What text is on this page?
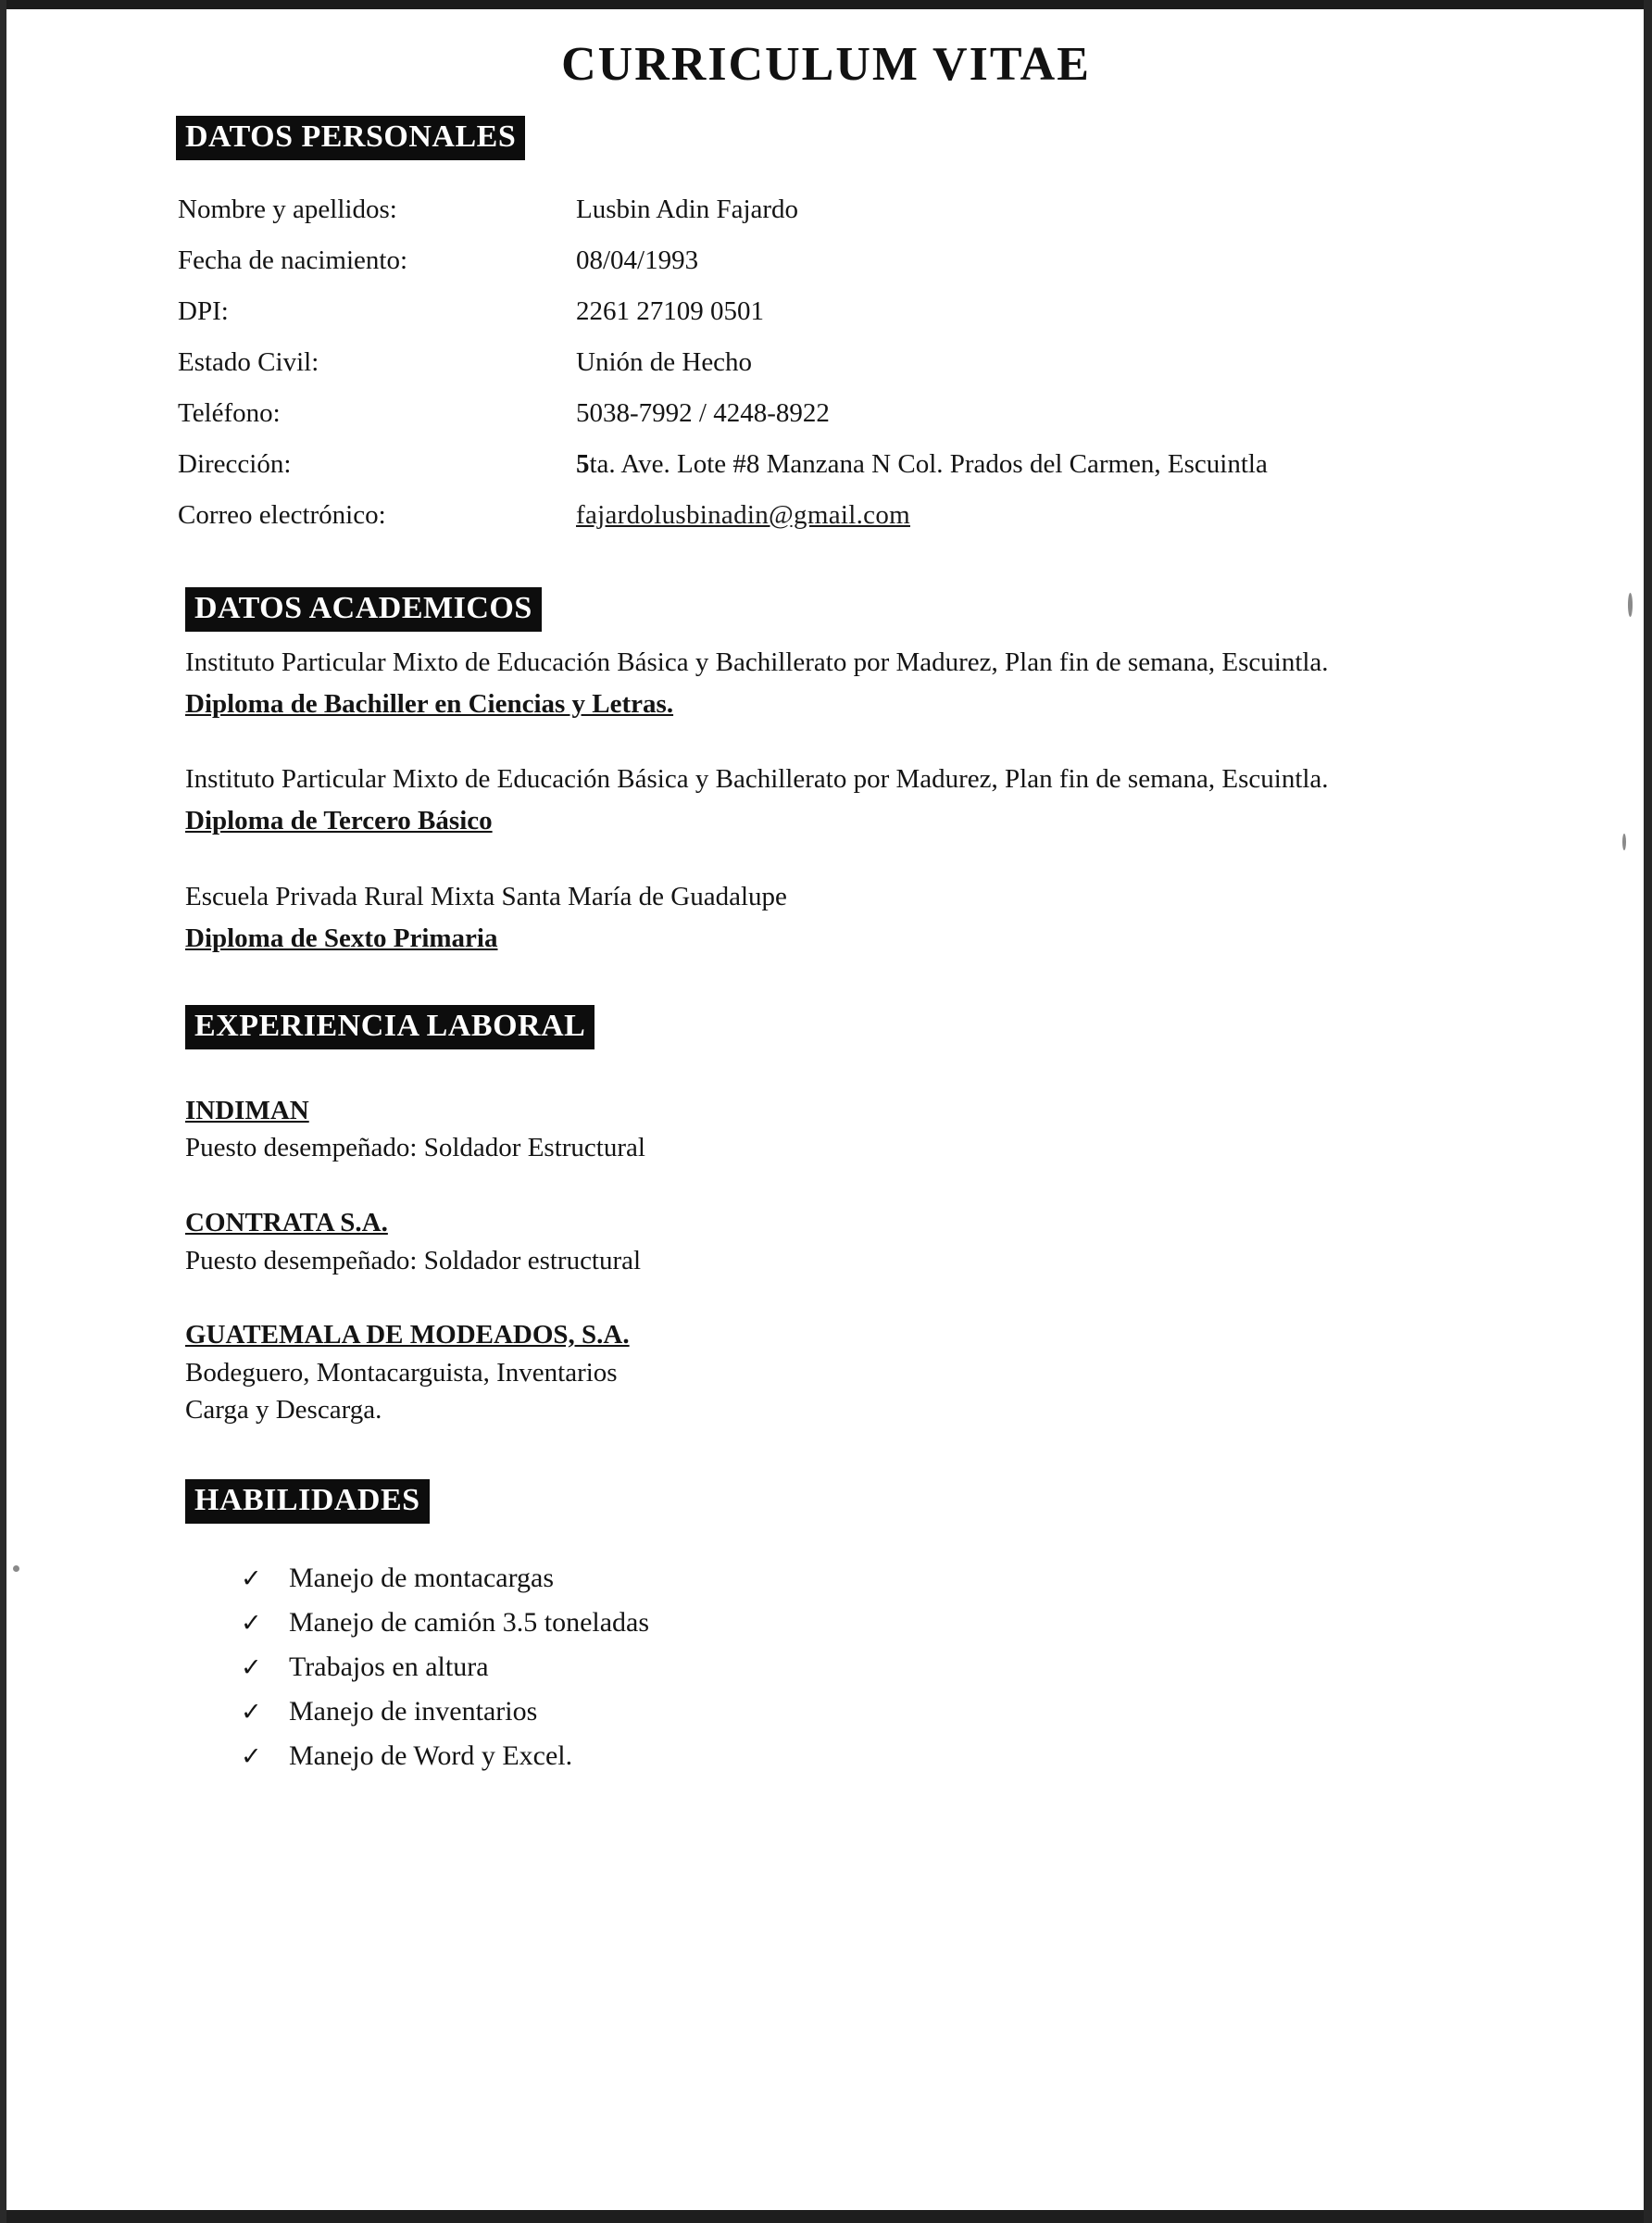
CURRICULUM VITAE
DATOS PERSONALES
Nombre y apellidos:	Lusbin Adin Fajardo
Fecha de nacimiento:	08/04/1993
DPI:	2261 27109 0501
Estado Civil:	Unión de Hecho
Teléfono:	5038-7992 / 4248-8922
Dirección:	5ta. Ave. Lote #8 Manzana N Col. Prados del Carmen, Escuintla
Correo electrónico:	fajardolusbinadin@gmail.com
DATOS ACADEMICOS
Instituto Particular Mixto de Educación Básica y Bachillerato por Madurez, Plan fin de semana, Escuintla.
Diploma de Bachiller en Ciencias y Letras.
Instituto Particular Mixto de Educación Básica y Bachillerato por Madurez, Plan fin de semana, Escuintla.
Diploma de Tercero Básico
Escuela Privada Rural Mixta Santa María de Guadalupe
Diploma de Sexto Primaria
EXPERIENCIA LABORAL
INDIMAN
Puesto desempeñado: Soldador Estructural
CONTRATA S.A.
Puesto desempeñado: Soldador estructural
GUATEMALA DE MODEADOS, S.A.
Bodeguero, Montacarguista, Inventarios
Carga y Descarga.
HABILIDADES
✓ Manejo de montacargas
✓ Manejo de camión 3.5 toneladas
✓ Trabajos en altura
✓ Manejo de inventarios
✓ Manejo de Word y Excel.
